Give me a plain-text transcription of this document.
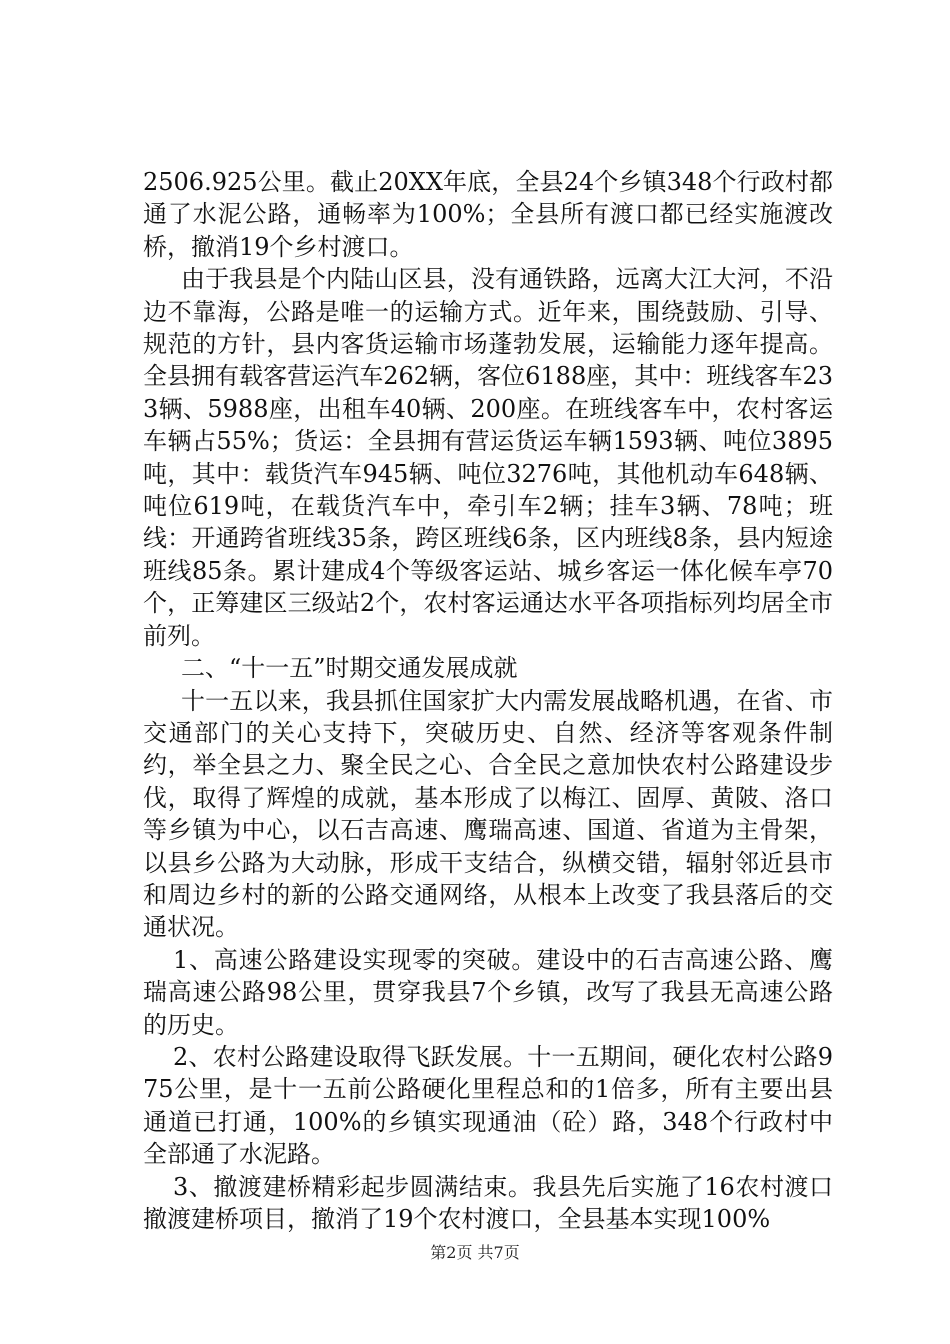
2506.925公里。截止20XX年底，全县24个乡镇348个行政村都通了水泥公路，通畅率为100%；全县所有渡口都已经实施渡改桥，撤消19个乡村渡口。

由于我县是个内陆山区县，没有通铁路，远离大江大河，不沿边不靠海，公路是唯一的运输方式。近年来，围绕鼓励、引导、规范的方针，县内客货运输市场蓬勃发展，运输能力逐年提高。全县拥有载客营运汽车262辆，客位6188座，其中：班线客车233辆、5988座，出租车40辆、200座。在班线客车中，农村客运车辆占55%；货运：全县拥有营运货运车辆1593辆、吨位3895吨，其中：载货汽车945辆、吨位3276吨，其他机动车648辆、吨位619吨，在载货汽车中，牵引车2辆；挂车3辆、78吨；班线：开通跨省班线35条，跨区班线6条，区内班线8条，县内短途班线85条。累计建成4个等级客运站、城乡客运一体化候车亭70个，正筹建区三级站2个，农村客运通达水平各项指标列均居全市前列。

二、“十一五”时期交通发展成就

十一五以来，我县抓住国家扩大内需发展战略机遇，在省、市交通部门的关心支持下，突破历史、自然、经济等客观条件制约，举全县之力、聚全民之心、合全民之意加快农村公路建设步伐，取得了辉煌的成就，基本形成了以梅江、固厚、黄陂、洛口等乡镇为中心，以石吉高速、鹰瑞高速、国道、省道为主骨架，以县乡公路为大动脉，形成干支结合，纵横交错，辐射邻近县市和周边乡村的新的公路交通网络，从根本上改变了我县落后的交通状况。

1、高速公路建设实现零的突破。建设中的石吉高速公路、鹰瑞高速公路98公里，贯穿我县7个乡镇，改写了我县无高速公路的历史。

2、农村公路建设取得飞跃发展。十一五期间，硬化农村公路975公里，是十一五前公路硬化里程总和的1倍多，所有主要出县通道已打通，100%的乡镇实现通油（砼）路，348个行政村中全部通了水泥路。

3、撤渡建桥精彩起步圆满结束。我县先后实施了16农村渡口撤渡建桥项目，撤消了19个农村渡口，全县基本实现100%

第2页 共7页
